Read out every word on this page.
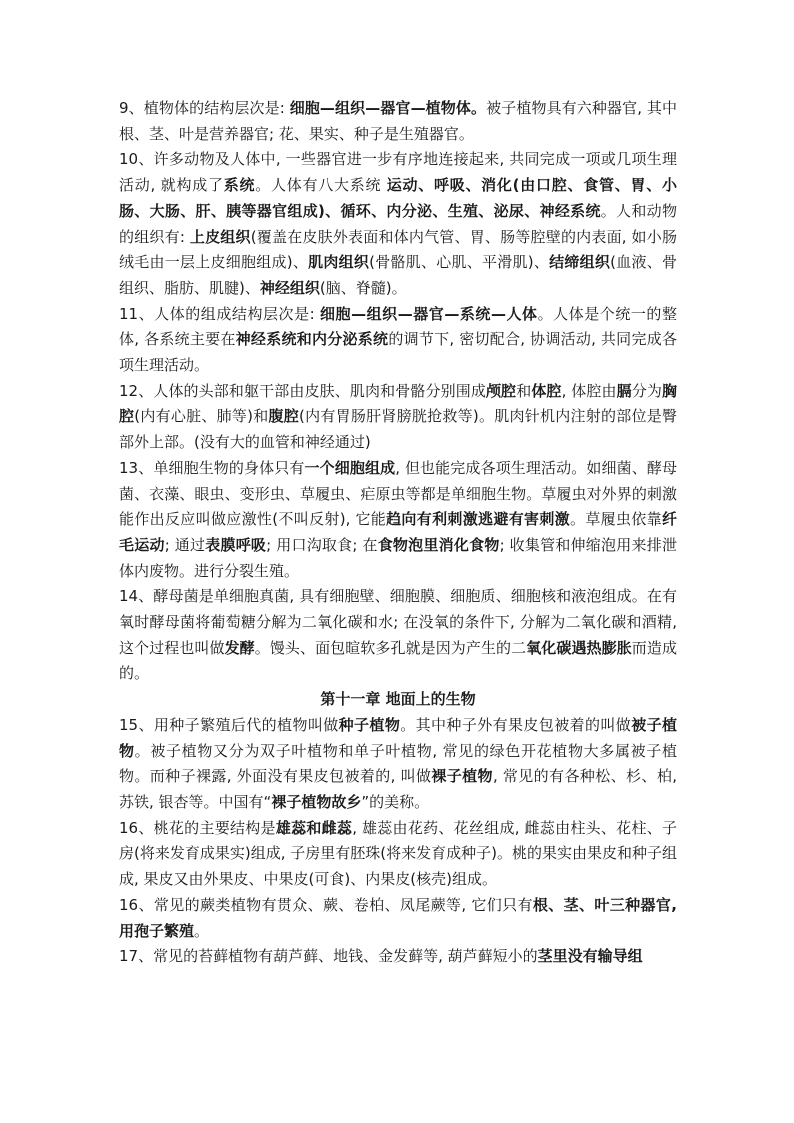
9、植物体的结构层次是: 细胞—组织—器官—植物体。被子植物具有六种器官, 其中根、茎、叶是营养器官; 花、果实、种子是生殖器官。
10、许多动物及人体中, 一些器官进一步有序地连接起来, 共同完成一项或几项生理活动, 就构成了系统。人体有八大系统 运动、呼吸、消化(由口腔、食管、胃、小肠、大肠、肝、胰等器官组成)、循环、内分泌、生殖、泌尿、神经系统。人和动物的组织有: 上皮组织(覆盖在皮肤外表面和体内气管、胃、肠等腔壁的内表面, 如小肠绒毛由一层上皮细胞组成)、肌肉组织(骨骼肌、心肌、平滑肌)、结缔组织(血液、骨组织、脂肪、肌腱)、神经组织(脑、脊髓)。
11、人体的组成结构层次是: 细胞—组织—器官—系统—人体。人体是个统一的整体, 各系统主要在神经系统和内分泌系统的调节下, 密切配合, 协调活动, 共同完成各项生理活动。
12、人体的头部和躯干部由皮肤、肌肉和骨骼分别围成颅腔和体腔, 体腔由膈分为胸腔(内有心脏、肺等)和腹腔(内有胃肠肝肾膀胱抢救等)。肌肉针机内注射的部位是臀部外上部。(没有大的血管和神经通过)
13、单细胞生物的身体只有一个细胞组成, 但也能完成各项生理活动。如细菌、酵母菌、衣藻、眼虫、变形虫、草履虫、疟原虫等都是单细胞生物。草履虫对外界的刺激能作出反应叫做应激性(不叫反射), 它能趋向有利刺激逃避有害刺激。草履虫依靠纤毛运动; 通过表膜呼吸; 用口沟取食; 在食物泡里消化食物; 收集管和伸缩泡用来排泄体内废物。进行分裂生殖。
14、酵母菌是单细胞真菌, 具有细胞壁、细胞膜、细胞质、细胞核和液泡组成。在有氧时酵母菌将葡萄糖分解为二氧化碳和水; 在没氧的条件下, 分解为二氧化碳和酒精, 这个过程也叫做发酵。馒头、面包暄软多孔就是因为产生的二氧化碳遇热膨胀而造成的。
第十一章 地面上的生物
15、用种子繁殖后代的植物叫做种子植物。其中种子外有果皮包被着的叫做被子植物。被子植物又分为双子叶植物和单子叶植物, 常见的绿色开花植物大多属被子植物。而种子裸露, 外面没有果皮包被着的, 叫做裸子植物, 常见的有各种松、杉、柏, 苏铁, 银杏等。中国有“裸子植物故乡”的美称。
16、桃花的主要结构是雄蕊和雌蕊, 雄蕊由花药、花丝组成, 雌蕊由柱头、花柱、子房(将来发育成果实)组成, 子房里有胚珠(将来发育成种子)。桃的果实由果皮和种子组成, 果皮又由外果皮、中果皮(可食)、内果皮(核壳)组成。
16、常见的蕨类植物有贯众、蕨、卷柏、凤尾蕨等, 它们只有根、茎、叶三种器官, 用孢子繁殖。
17、常见的苔藓植物有葫芦藓、地钱、金发藓等, 葫芦藓短小的茎里没有输导组
